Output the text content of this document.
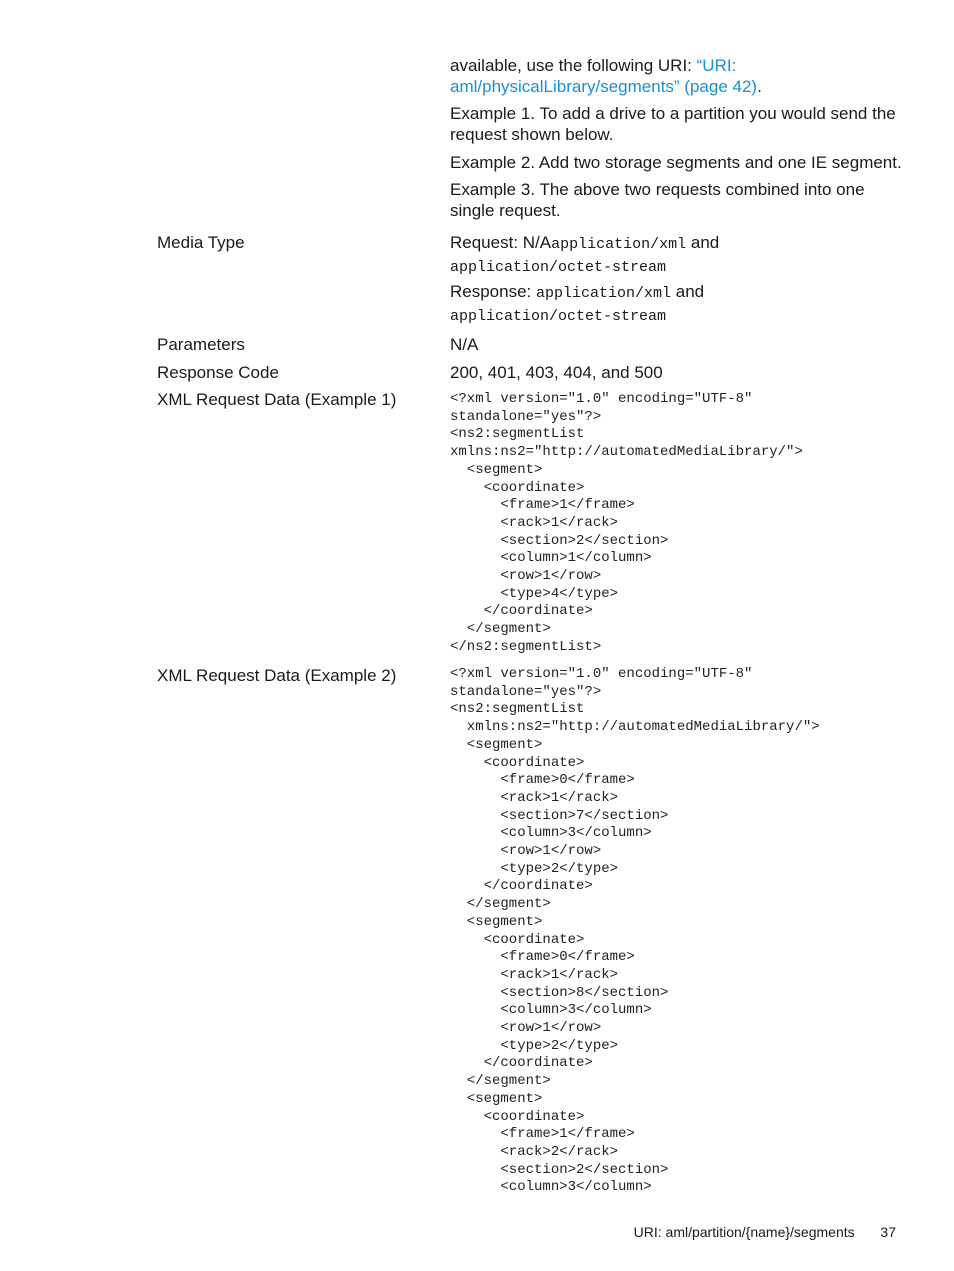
available, use the following URI: “URI:
aml/physicalLibrary/segments” (page 42).
Example 1. To add a drive to a partition you would send the request shown below.
Example 2. Add two storage segments and one IE segment.
Example 3. The above two requests combined into one single request.
Media Type	Request: N/Aapplication/xml and
application/octet-stream
Response: application/xml and
application/octet-stream
Parameters	N/A
Response Code	200, 401, 403, 404, and 500
XML Request Data (Example 1)	<?xml version="1.0" encoding="UTF-8"
standalone="yes"?>
<ns2:segmentList
xmlns:ns2="http://automatedMediaLibrary/">
<segment>
<coordinate>
<frame>1</frame>
<rack>1</rack>
<section>2</section>
<column>1</column>
<row>1</row>
<type>4</type>
</coordinate>
</segment>
</ns2:segmentList>
XML Request Data (Example 2)	<?xml version="1.0" encoding="UTF-8"
standalone="yes"?>
<ns2:segmentList
xmlns:ns2="http://automatedMediaLibrary/">
<segment>
<coordinate>
<frame>0</frame>
<rack>1</rack>
<section>7</section>
<column>3</column>
<row>1</row>
<type>2</type>
</coordinate>
</segment>
<segment>
<coordinate>
<frame>0</frame>
<rack>1</rack>
<section>8</section>
<column>3</column>
<row>1</row>
<type>2</type>
</coordinate>
</segment>
<segment>
<coordinate>
<frame>1</frame>
<rack>2</rack>
<section>2</section>
<column>3</column>
URI: aml/partition/{name}/segments 37
